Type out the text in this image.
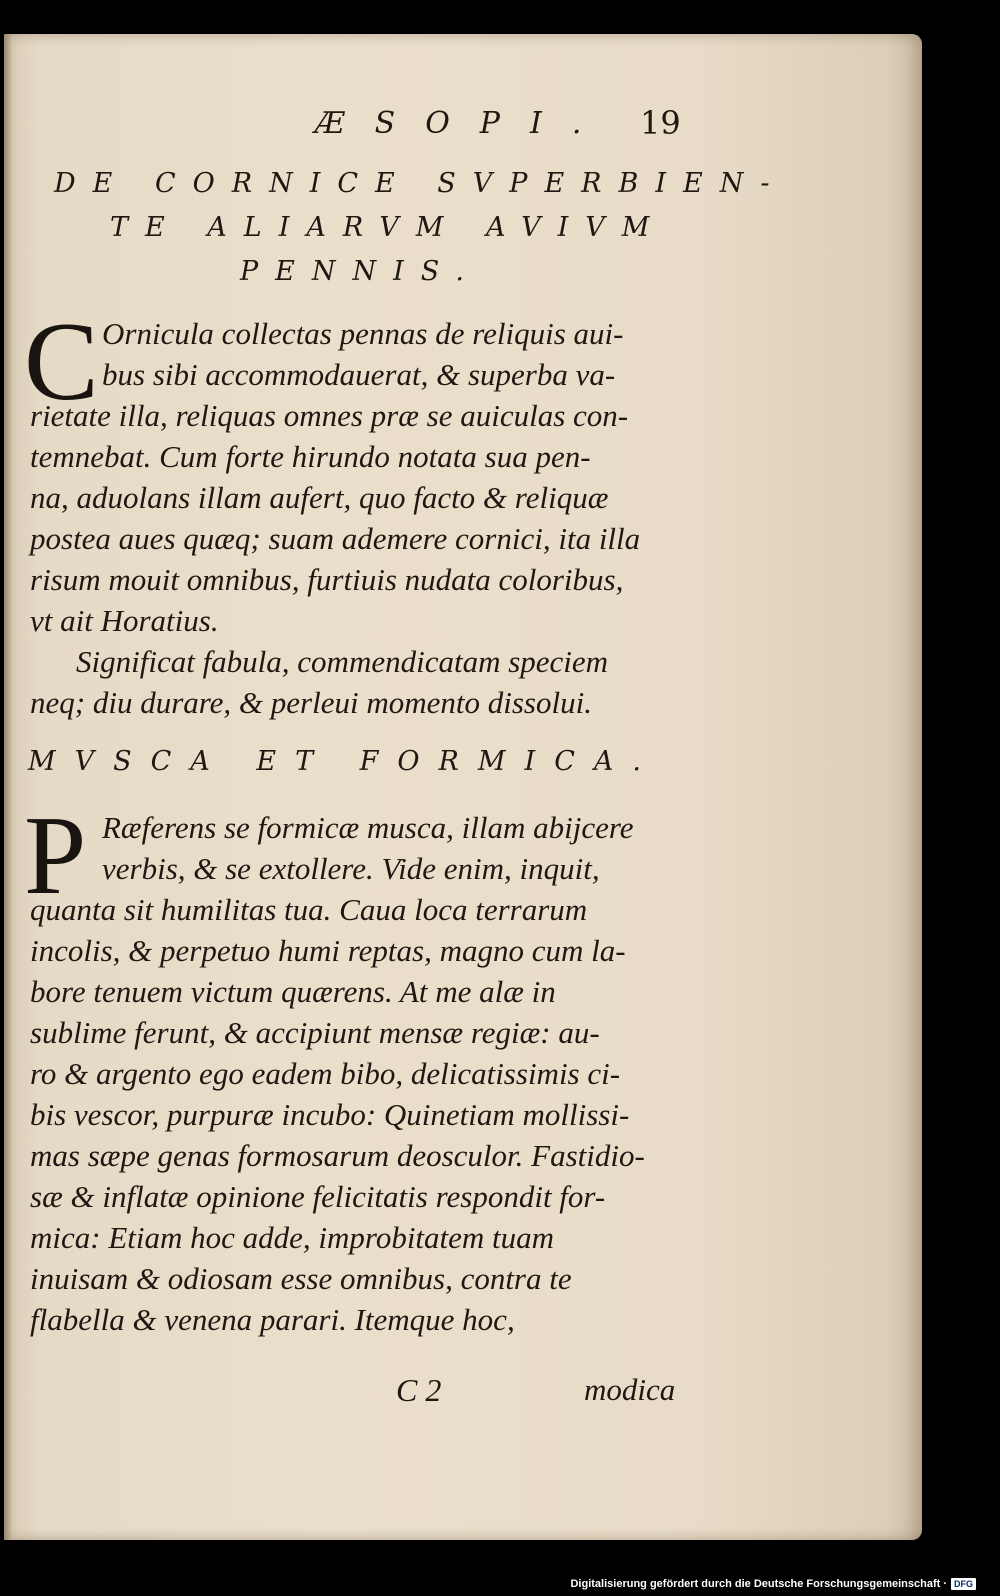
ÆSOPI. 19
DE CORNICE SVPERBIEN-
TE ALIARVM AVIVM
PENNIS.
C Ornicula collectas pennas de reliquis aui-
bus sibi accommodauerat, & superba va-
rietate illa, reliquas omnes præ se auiculas con-
temnebat. Cum forte hirundo notata sua pen-
na, aduolans illam aufert, quo facto & reliquæ
postea aues quæq; suam ademere cornici, ita illa
risum mouit omnibus, furtiuis nudata coloribus,
vt ait Horatius.
Significat fabula, commendicatam speciem
neq; diu durare, & perleui momento dissolui.
MVSCA ET FORMICA.
P Ræferens se formicæ musca, illam abijcere
verbis, & se extollere. Vide enim, inquit,
quanta sit humilitas tua. Caua loca terrarum
incolis, & perpetuo humi reptas, magno cum la-
bore tenuem victum quærens. At me alæ in
sublime ferunt, & accipiunt mensæ regiæ: au-
ro & argento ego eadem bibo, delicatissimis ci-
bis vescor, purpuræ incubo: Quinetiam mollissi-
mas sæpe genas formosarum deosculor. Fastidio-
sæ & inflatæ opinione felicitatis respondit for-
mica: Etiam hoc adde, improbitatem tuam
inuisam & odiosam esse omnibus, contra te
flabella & venena parari. Itemque hoc,
C 2	modica
Digitalisierung gefördert durch die Deutsche Forschungsgemeinschaft · DFG
